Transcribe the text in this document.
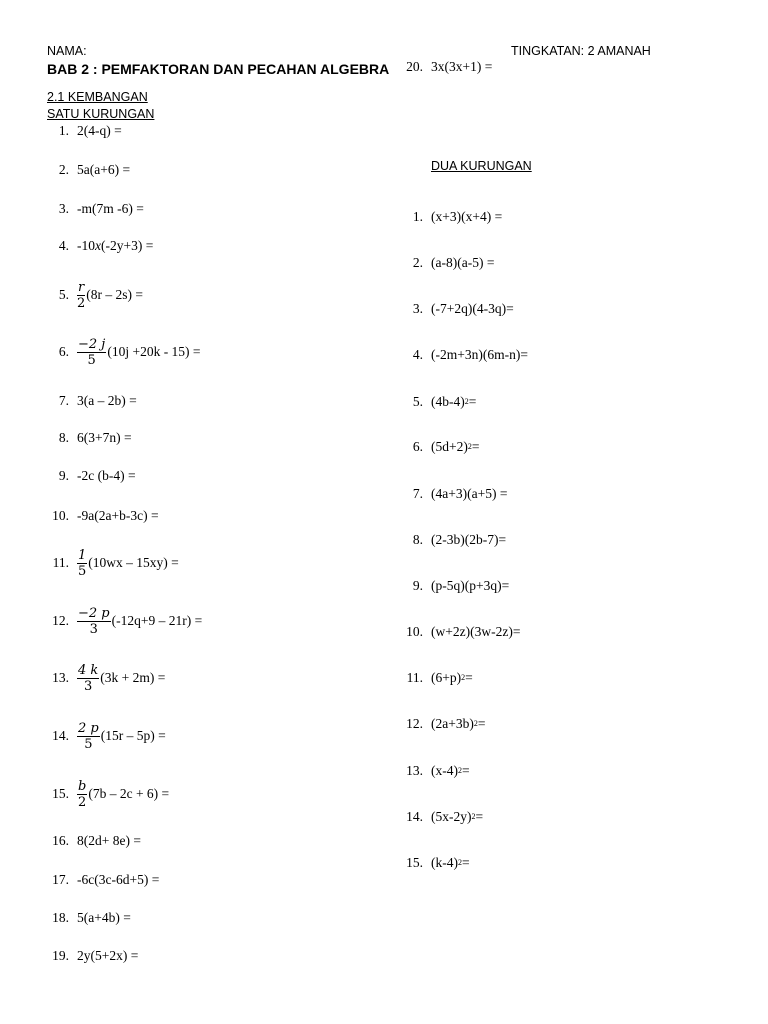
NAMA:	TINGKATAN: 2 AMANAH
BAB 2 : PEMFAKTORAN DAN PECAHAN ALGEBRA
2.1 KEMBANGAN
SATU KURUNGAN
DUA KURUNGAN
1. 2(4-q) =
2. 5a(a+6) =
3. -m(7m -6) =
4. -10 x (-2y+3) =
5. $\frac{r}{2} (8r - 2s)$ =
6. $\frac{-2 j}{5} (10j +20k - 15)$ =
7. 3(a – 2b) =
8. 6(3+7n) =
9. -2c (b-4) =
10. -9a(2a+b-3c) =
11. $\frac{1}{5} (10wx - 15xy)$ =
12. $\frac{-2 p}{3} (-12q+9 - 21r)$ =
13. $\frac{4 k}{3} (3k + 2m)$ =
14. $\frac{2 p}{5} (15r - 5p)$ =
15. $\frac{b}{2} (7b - 2c + 6)$ =
16. 8(2d+ 8e) =
17. -6c(3c-6d+5) =
18. 5(a+4b) =
19. 2y(5+2x) =
20. 3x(3x+1) =
1. (x+3)(x+4) =
2. (a-8)(a-5) =
3. (-7+2q)(4-3q)=
4. (-2m+3n)(6m-n)=
5. (4b-4) 2 =
6. (5d+2) 2 =
7. (4a+3)(a+5) =
8. (2-3b)(2b-7)=
9. (p-5q)(p+3q)=
10. (w+2z)(3w-2z)=
11. (6+p) 2 =
12. (2a+3b) 2 =
13. (x-4) 2 =
14. (5x-2y) 2 =
15. (k-4) 2 =
